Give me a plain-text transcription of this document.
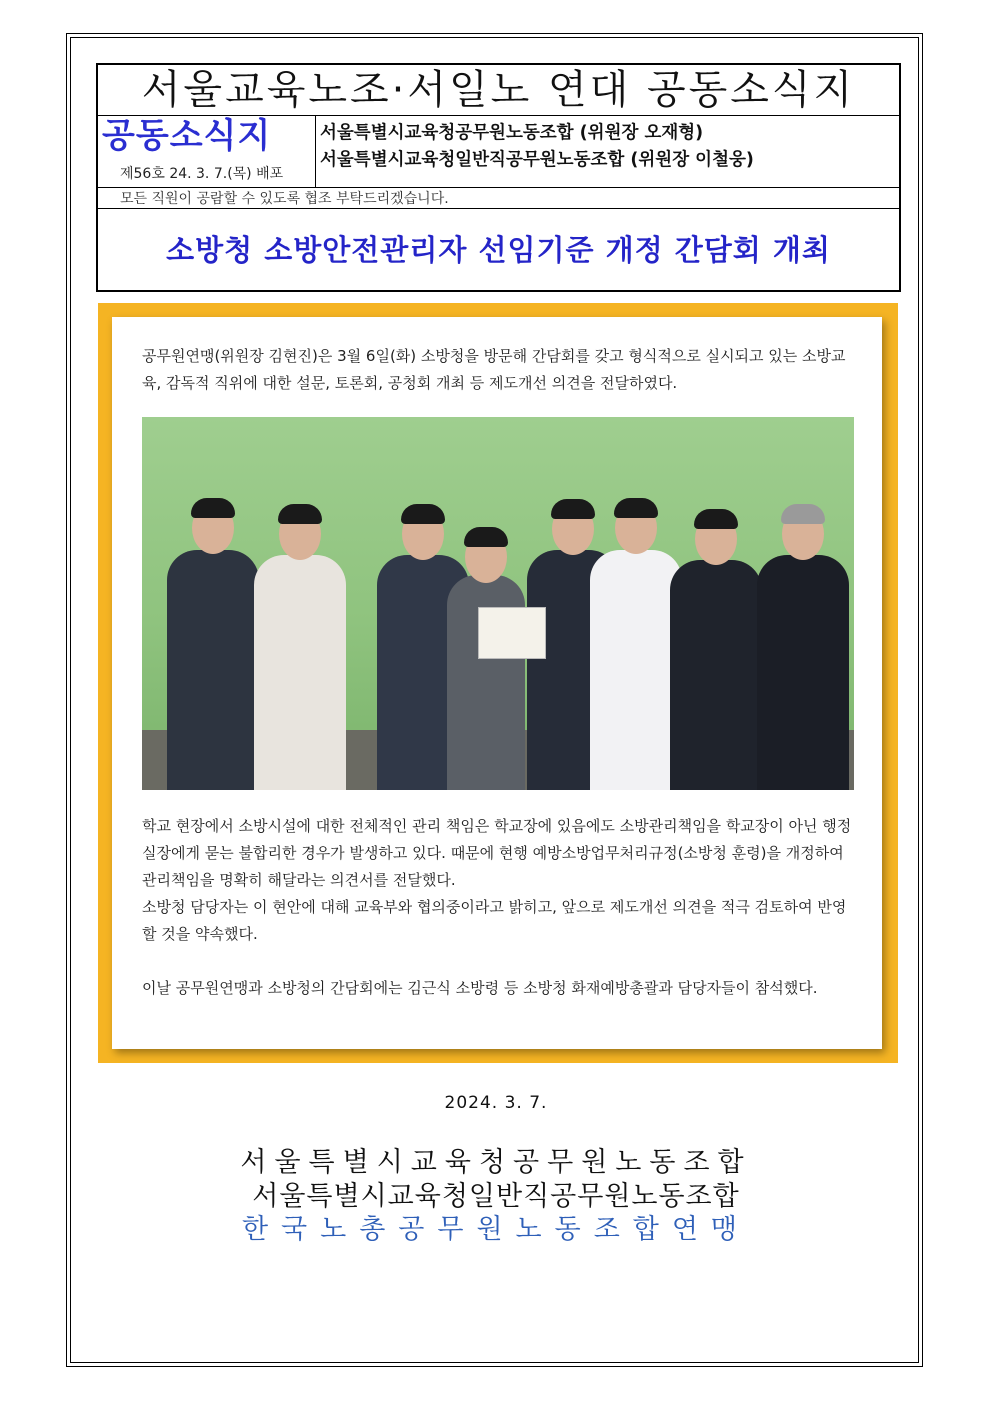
서울교육노조·서일노 연대 공동소식지
공동소식지
제56호 24. 3. 7.(목) 배포
서울특별시교육청공무원노동조합 (위원장 오재형)
서울특별시교육청일반직공무원노동조합 (위원장 이철웅)
모든 직원이 공람할 수 있도록 협조 부탁드리겠습니다.
소방청 소방안전관리자 선임기준 개정 간담회 개최

공무원연맹(위원장 김현진)은 3월 6일(화) 소방청을 방문해 간담회를 갖고 형식적으로 실시되고 있는 소방교육, 감독적 직위에 대한 설문, 토론회, 공청회 개최 등 제도개선 의견을 전달하였다.

학교 현장에서 소방시설에 대한 전체적인 관리 책임은 학교장에 있음에도 소방관리책임을 학교장이 아닌 행정실장에게 묻는 불합리한 경우가 발생하고 있다. 때문에 현행 예방소방업무처리규정(소방청 훈령)을 개정하여 관리책임을 명확히 해달라는 의견서를 전달했다.

소방청 담당자는 이 현안에 대해 교육부와 협의중이라고 밝히고, 앞으로 제도개선 의견을 적극 검토하여 반영할 것을 약속했다.

이날 공무원연맹과 소방청의 간담회에는 김근식 소방령 등 소방청 화재예방총괄과 담당자들이 참석했다.

2024. 3. 7.
서울특별시교육청공무원노동조합
서울특별시교육청일반직공무원노동조합
한국노총공무원노동조합연맹
